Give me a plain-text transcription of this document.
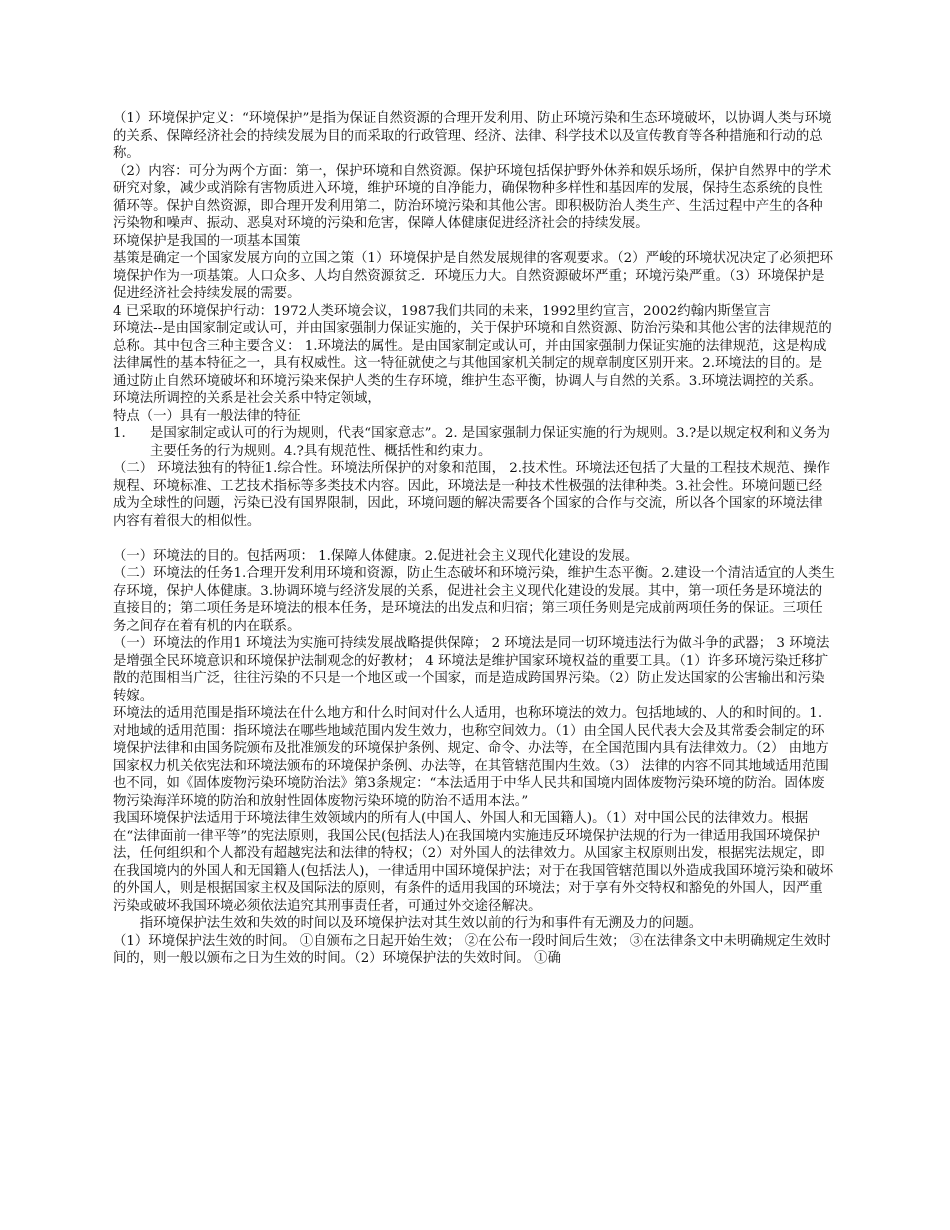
（1）环境保护定义：“环境保护”是指为保证自然资源的合理开发利用、防止环境污染和生态环境破坏，以协调人类与环境的关系、保障经济社会的持续发展为目的而采取的行政管理、经济、法律、科学技术以及宣传教育等各种措施和行动的总称。

（2）内容：可分为两个方面：第一，保护环境和自然资源。保护环境包括保护野外休养和娱乐场所，保护自然界中的学术研究对象，减少或消除有害物质进入环境，维护环境的自净能力，确保物种多样性和基因库的发展，保持生态系统的良性循环等。保护自然资源，即合理开发利用第二，防治环境污染和其他公害。即积极防治人类生产、生活过程中产生的各种污染物和噪声、振动、恶臭对环境的污染和危害，保障人体健康促进经济社会的持续发展。

环境保护是我国的一项基本国策

基策是确定一个国家发展方向的立国之策（1）环境保护是自然发展规律的客观要求。（2）严峻的环境状况决定了必须把环境保护作为一项基策。人口众多、人均自然资源贫乏．环境压力大。自然资源破坏严重；环境污染严重。（3）环境保护是促进经济社会持续发展的需要。

4 已采取的环境保护行动：1972人类环境会议，1987我们共同的未来，1992里约宣言，2002约翰内斯堡宣言

环境法--是由国家制定或认可，并由国家强制力保证实施的，关于保护环境和自然资源、防治污染和其他公害的法律规范的总称。其中包含三种主要含义： 1.环境法的属性。是由国家制定或认可，并由国家强制力保证实施的法律规范，这是构成法律属性的基本特征之一，具有权威性。这一特征就使之与其他国家机关制定的规章制度区别开来。2.环境法的目的。是通过防止自然环境破坏和环境污染来保护人类的生存环境，维护生态平衡，协调人与自然的关系。3.环境法调控的关系。环境法所调控的关系是社会关系中特定领域，

特点（一）具有一般法律的特征

1. 是国家制定或认可的行为规则，代表“国家意志”。2. 是国家强制力保证实施的行为规则。3.?是以规定权利和义务为主要任务的行为规则。4.?具有规范性、概括性和约束力。

（二） 环境法独有的特征1.综合性。环境法所保护的对象和范围， 2.技术性。环境法还包括了大量的工程技术规范、操作规程、环境标准、工艺技术指标等多类技术内容。因此，环境法是一种技术性极强的法律种类。3.社会性。环境问题已经成为全球性的问题，污染已没有国界限制，因此，环境问题的解决需要各个国家的合作与交流，所以各个国家的环境法律内容有着很大的相似性。

（一）环境法的目的。包括两项： 1.保障人体健康。2.促进社会主义现代化建设的发展。

（二）环境法的任务1.合理开发利用环境和资源，防止生态破坏和环境污染，维护生态平衡。2.建设一个清洁适宜的人类生存环境，保护人体健康。3.协调环境与经济发展的关系，促进社会主义现代化建设的发展。其中，第一项任务是环境法的直接目的；第二项任务是环境法的根本任务，是环境法的出发点和归宿；第三项任务则是完成前两项任务的保证。三项任务之间存在着有机的内在联系。

（一）环境法的作用1 环境法为实施可持续发展战略提供保障； 2 环境法是同一切环境违法行为做斗争的武器； 3 环境法是增强全民环境意识和环境保护法制观念的好教材； 4 环境法是维护国家环境权益的重要工具。（1）许多环境污染迁移扩散的范围相当广泛，往往污染的不只是一个地区或一个国家，而是造成跨国界污染。（2）防止发达国家的公害输出和污染转嫁。

环境法的适用范围是指环境法在什么地方和什么时间对什么人适用，也称环境法的效力。包括地域的、人的和时间的。1.对地域的适用范围：指环境法在哪些地域范围内发生效力，也称空间效力。（1）由全国人民代表大会及其常委会制定的环境保护法律和由国务院颁布及批准颁发的环境保护条例、规定、命令、办法等，在全国范围内具有法律效力。（2） 由地方国家权力机关依宪法和环境法颁布的环境保护条例、办法等，在其管辖范围内生效。（3） 法律的内容不同其地域适用范围也不同，如《固体废物污染环境防治法》第3条规定：“本法适用于中华人民共和国境内固体废物污染环境的防治。固体废物污染海洋环境的防治和放射性固体废物污染环境的防治不适用本法。”

我国环境保护法适用于环境法律生效领域内的所有人(中国人、外国人和无国籍人)。（1）对中国公民的法律效力。根据在“法律面前一律平等”的宪法原则，我国公民(包括法人)在我国境内实施违反环境保护法规的行为一律适用我国环境保护法，任何组织和个人都没有超越宪法和法律的特权；（2）对外国人的法律效力。从国家主权原则出发，根据宪法规定，即在我国境内的外国人和无国籍人(包括法人)，一律适用中国环境保护法；对于在我国管辖范围以外造成我国环境污染和破坏的外国人，则是根据国家主权及国际法的原则，有条件的适用我国的环境法；对于享有外交特权和豁免的外国人，因严重污染或破坏我国环境必须依法追究其刑事责任者，可通过外交途径解决。

　　指环境保护法生效和失效的时间以及环境保护法对其生效以前的行为和事件有无溯及力的问题。

（1）环境保护法生效的时间。 ①自颁布之日起开始生效； ②在公布一段时间后生效； ③在法律条文中未明确规定生效时间的，则一般以颁布之日为生效的时间。（2）环境保护法的失效时间。 ①确
